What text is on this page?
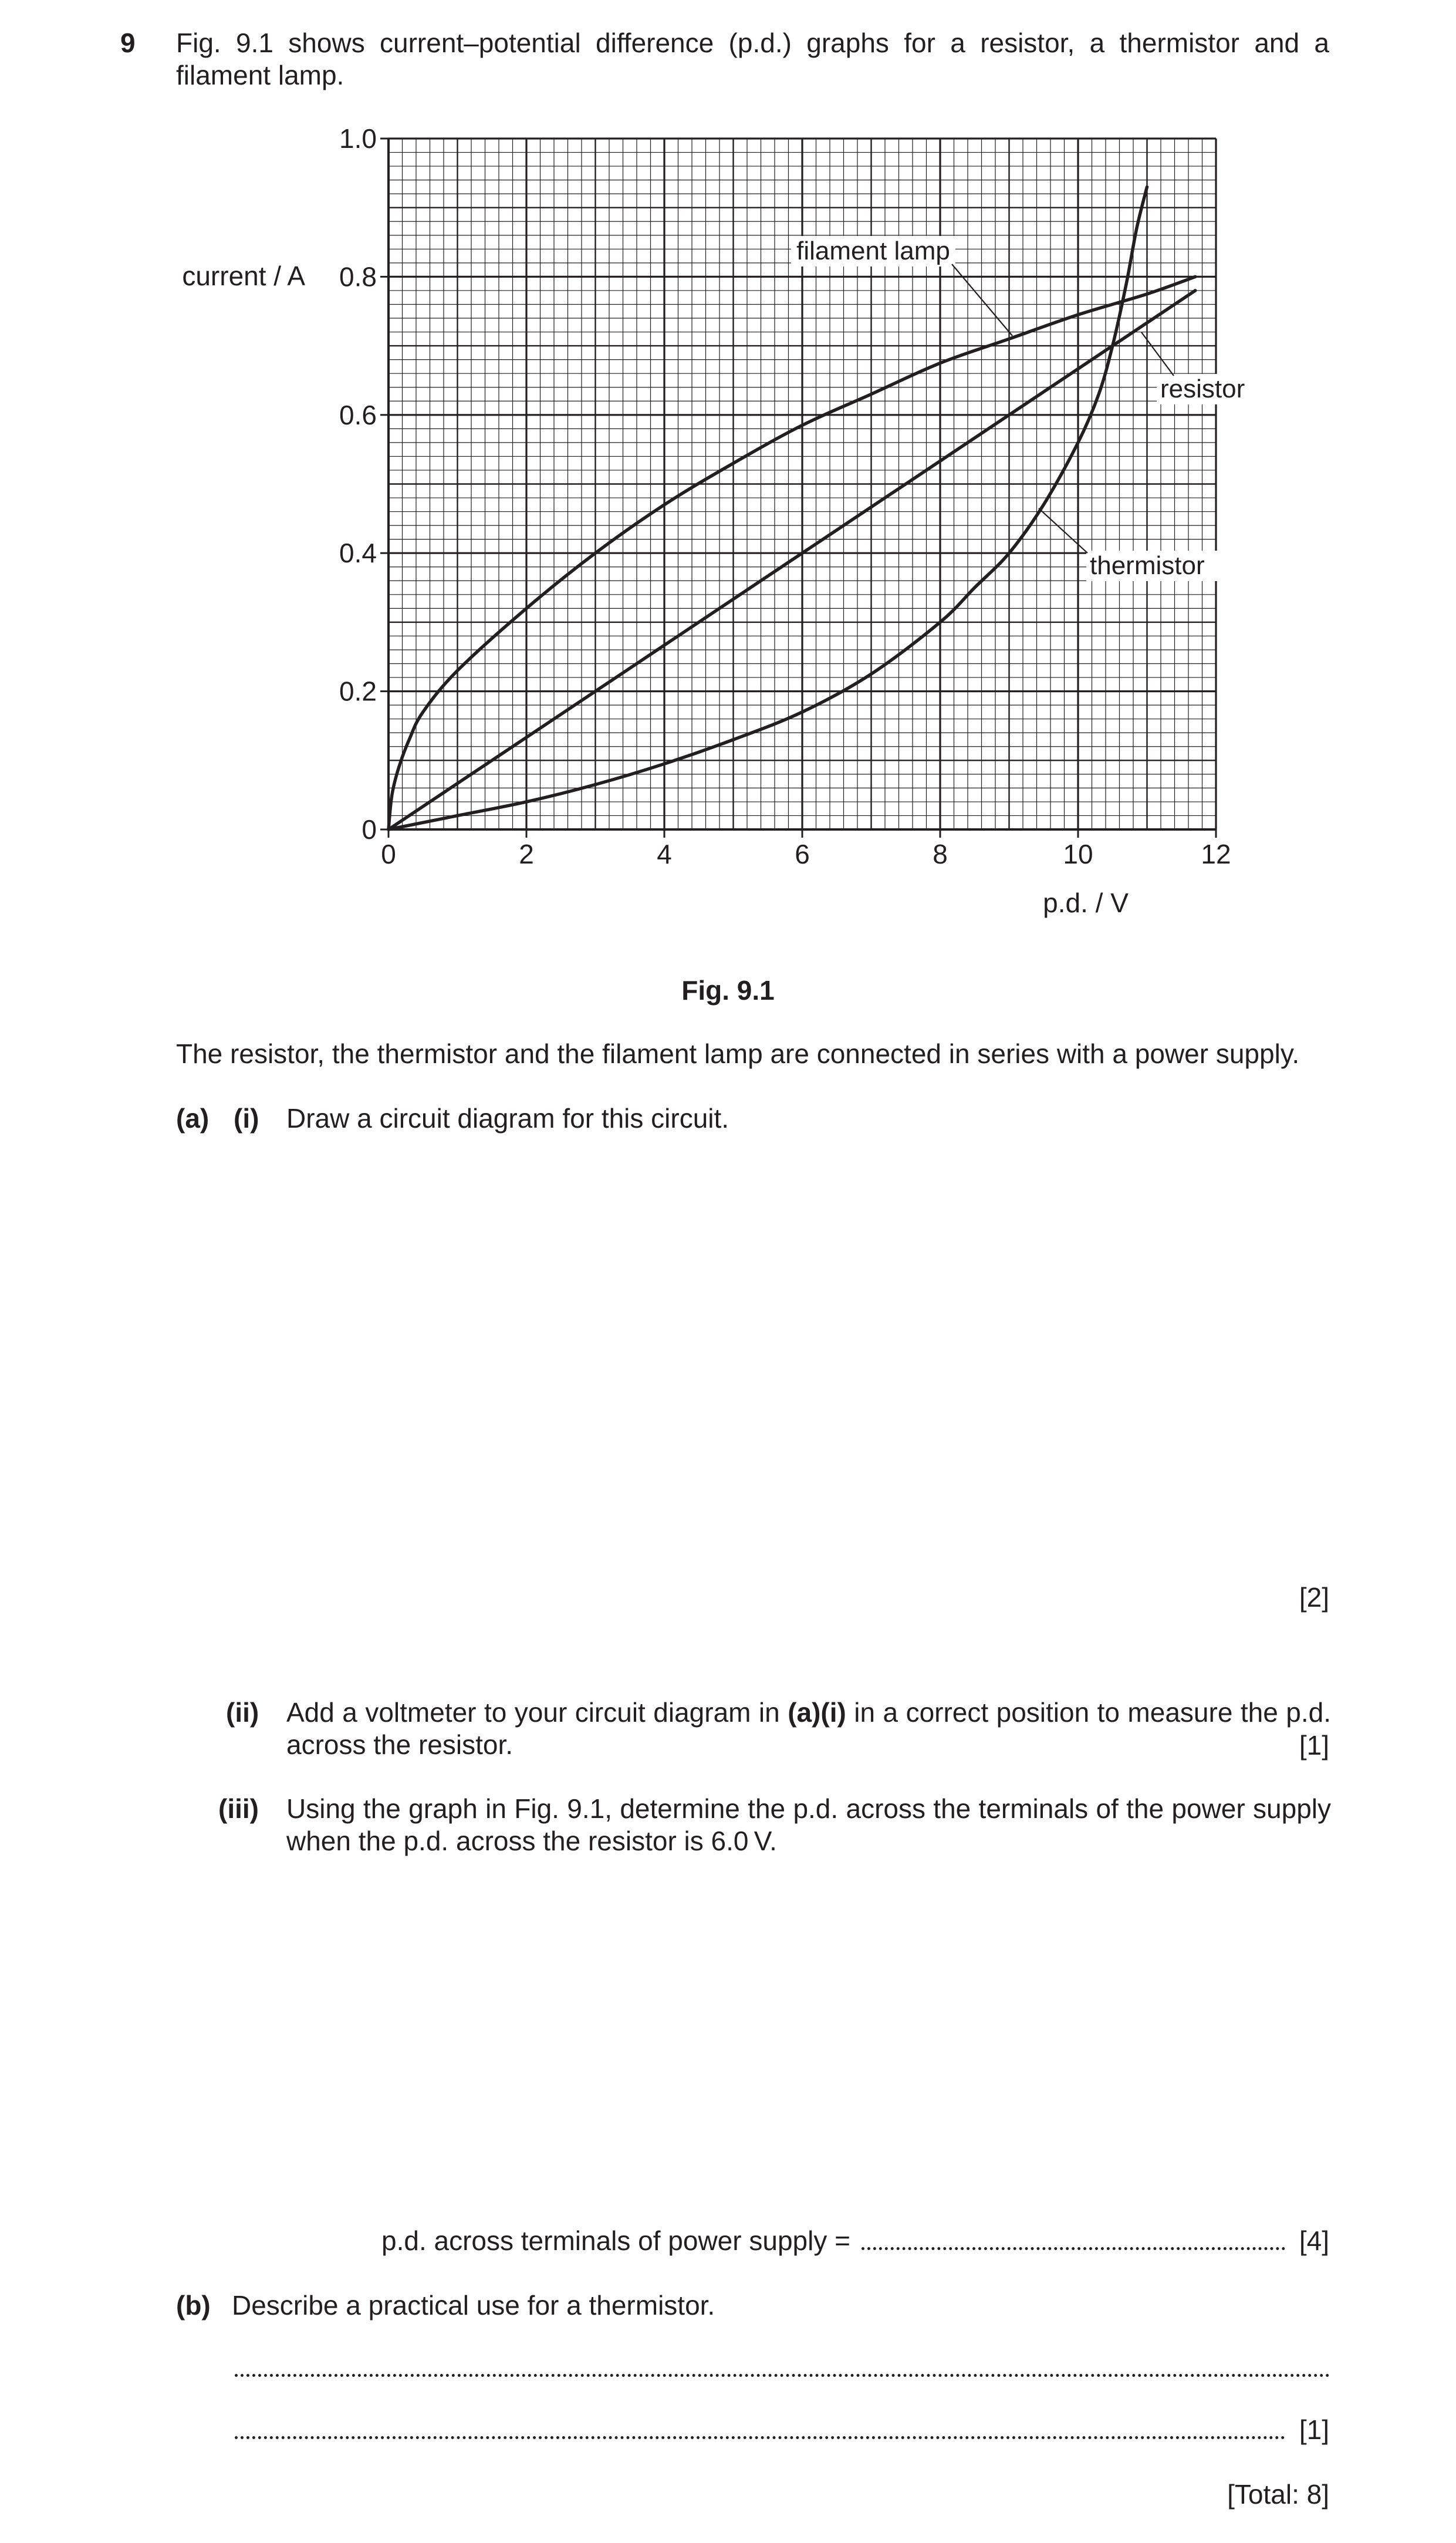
9 Fig. 9.1 shows current–potential difference (p.d.) graphs for a resistor, a thermistor and a filament lamp.
0	2	4	6	8	10	12
0
0.2
0.4
0.6
0.8
1.0
filament lamp
resistor
thermistor
current / A
p.d. / V
Fig. 9.1
The resistor, the thermistor and the filament lamp are connected in series with a power supply.
(a) (i) Draw a circuit diagram for this circuit.
[2]
(ii) Add a voltmeter to your circuit diagram in (a)(i) in a correct position to measure the p.d. across the resistor.	[1]
(iii) Using the graph in Fig. 9.1, determine the p.d. across the terminals of the power supply when the p.d. across the resistor is 6.0 V.
p.d. across terminals of power supply =	[4]
(b) Describe a practical use for a thermistor.
[1]
[Total: 8]
